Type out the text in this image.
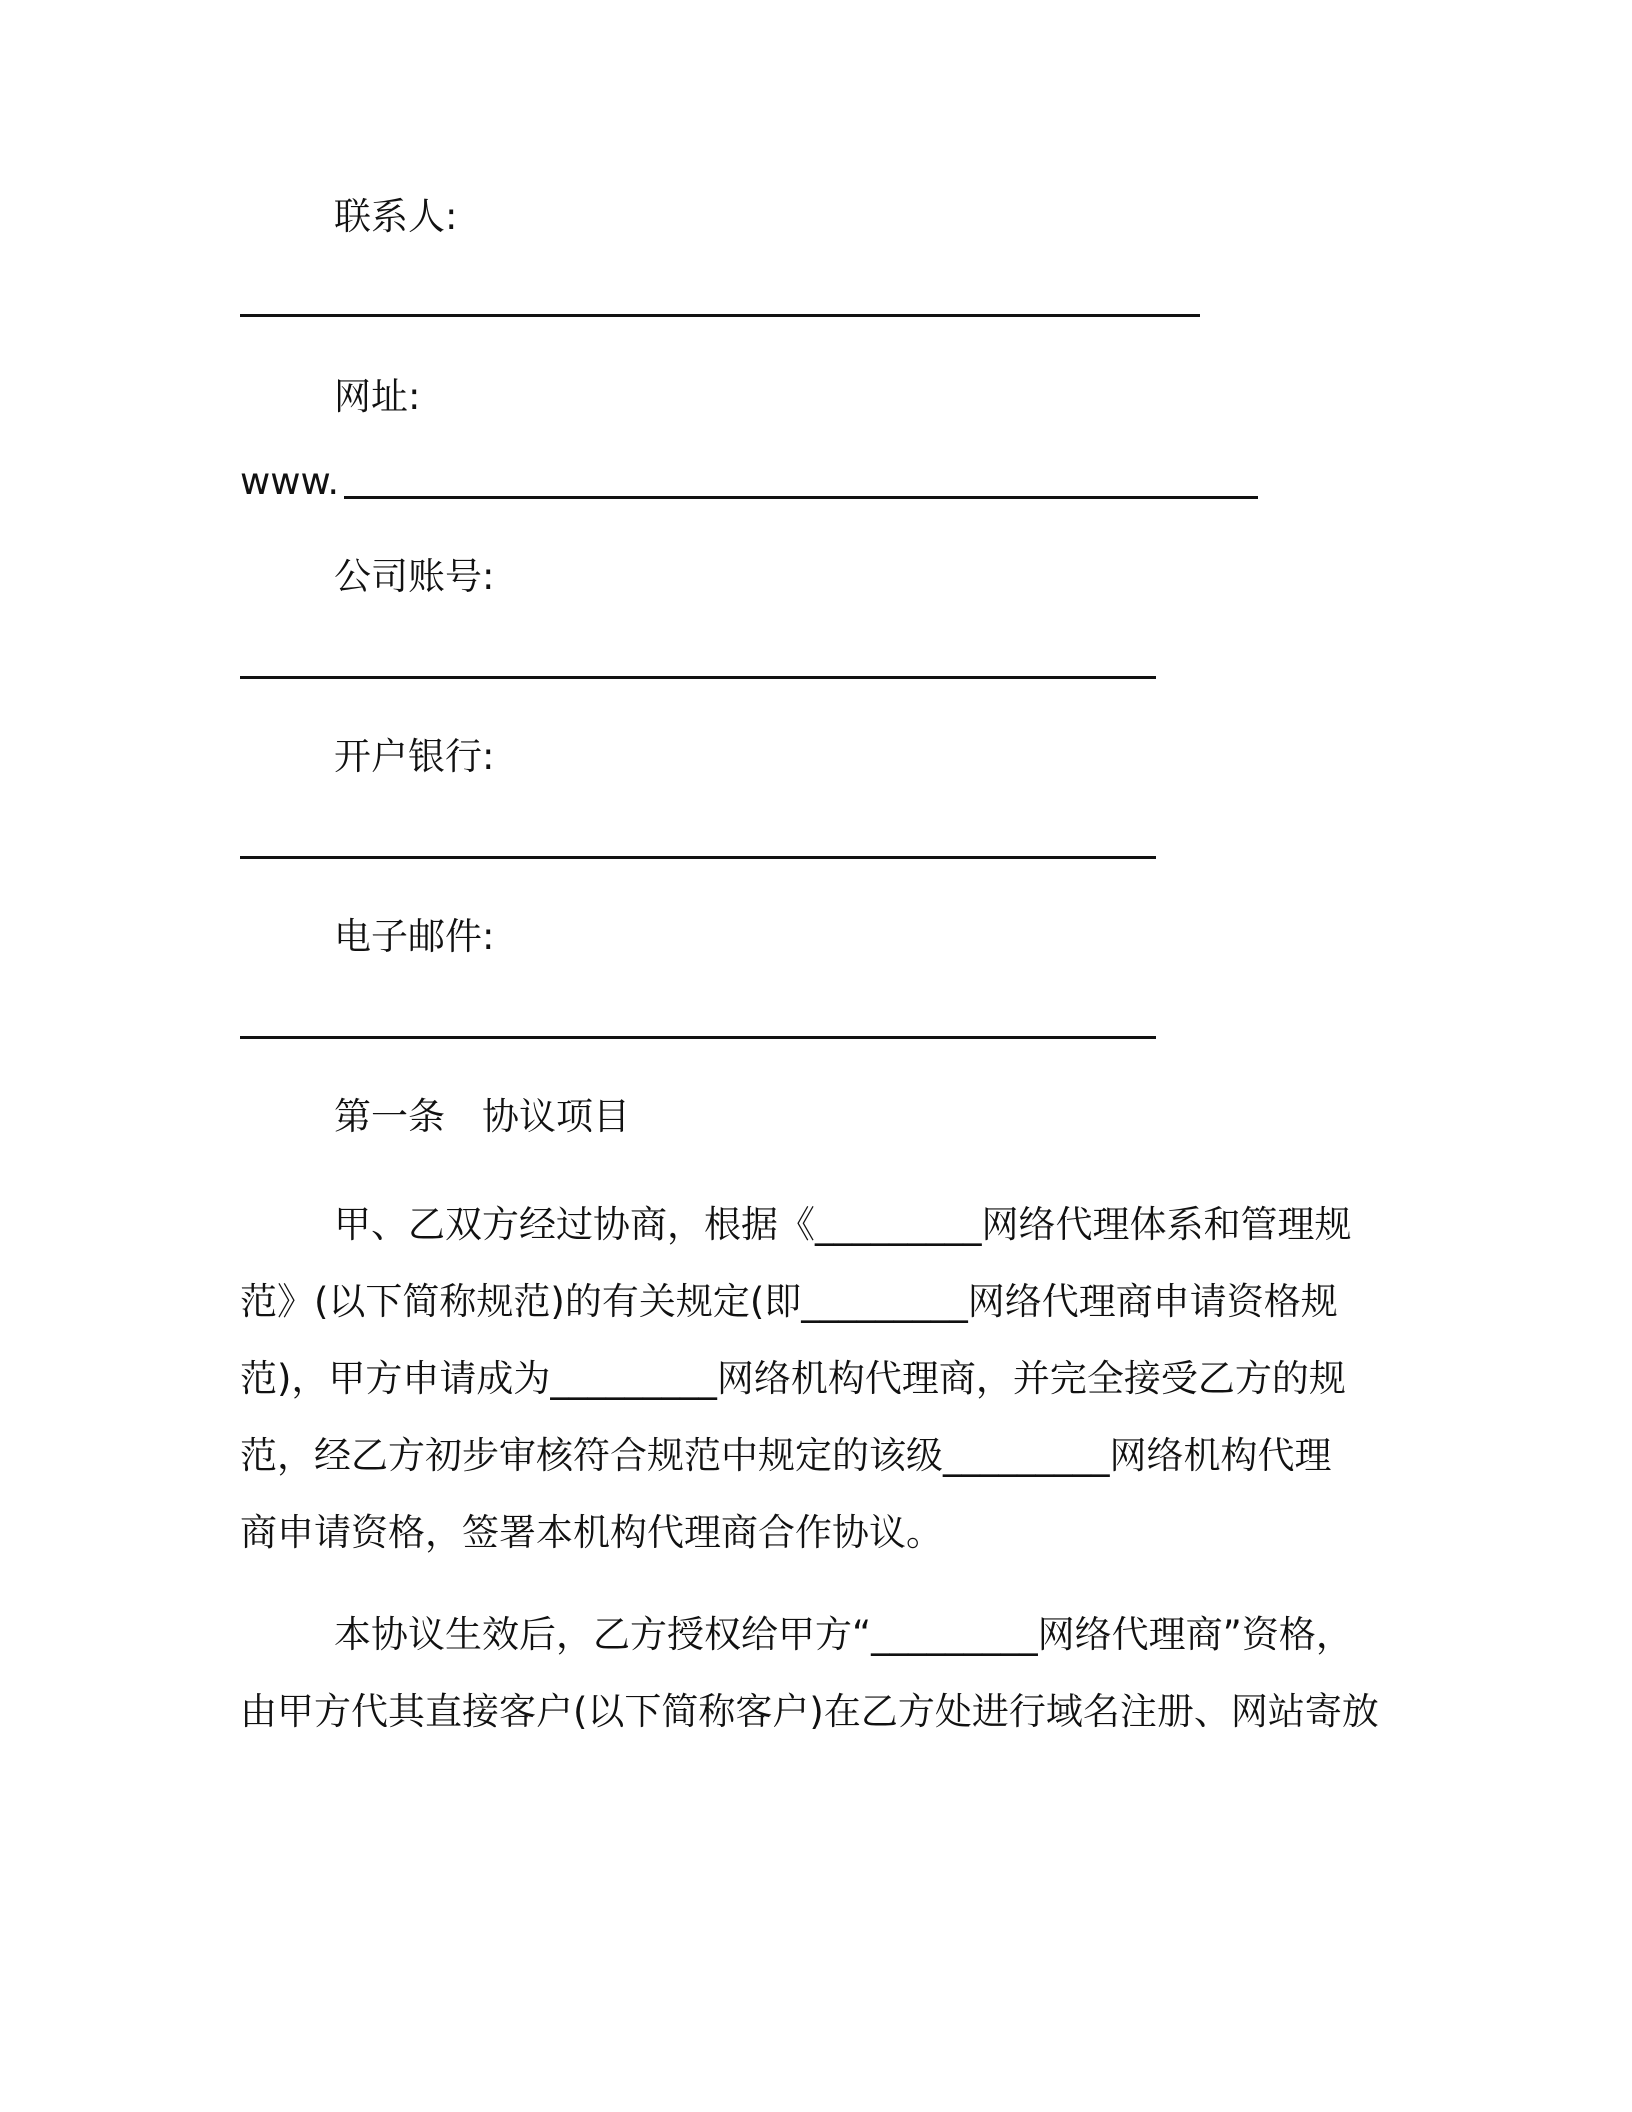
联系人:
网址:
www.
公司账号:
开户银行:
电子邮件:
第一条　协议项目
甲、乙双方经过协商，根据《_________网络代理体系和管理规
范》(以下简称规范)的有关规定(即_________网络代理商申请资格规
范)，甲方申请成为_________网络机构代理商，并完全接受乙方的规
范，经乙方初步审核符合规范中规定的该级_________网络机构代理
商申请资格，签署本机构代理商合作协议。
本协议生效后，乙方授权给甲方“_________网络代理商”资格，
由甲方代其直接客户(以下简称客户)在乙方处进行域名注册、网站寄放
